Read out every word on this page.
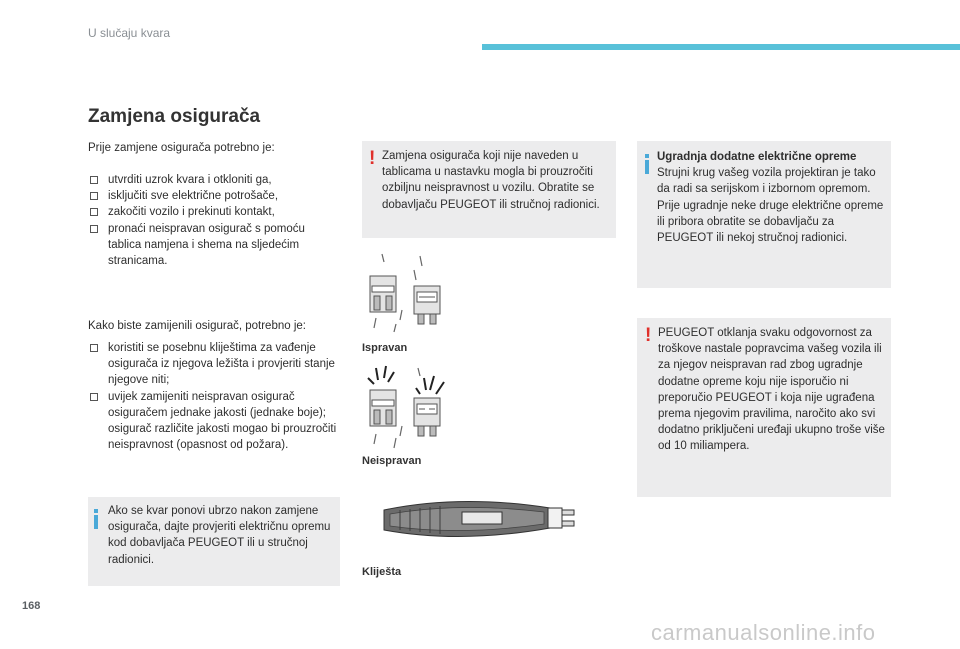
U slučaju kvara
Zamjena osigurača
Prije zamjene osigurača potrebno je:
utvrditi uzrok kvara i otkloniti ga,
isključiti sve električne potrošače,
zakočiti vozilo i prekinuti kontakt,
pronaći neispravan osigurač s pomoću tablica namjena i shema na sljedećim stranicama.
Kako biste zamijenili osigurač, potrebno je:
koristiti se posebnu kliještima za vađenje osigurača iz njegova ležišta i provjeriti stanje njegove niti;
uvijek zamijeniti neispravan osigurač osiguračem jednake jakosti (jednake boje); osigurač različite jakosti mogao bi prouzročiti neispravnost (opasnost od požara).
Ako se kvar ponovi ubrzo nakon zamjene osigurača, dajte provjeriti električnu opremu kod dobavljača PEUGEOT ili u stručnoj radionici.
! Zamjena osigurača koji nije naveden u tablicama u nastavku mogla bi prouzročiti ozbiljnu neispravnost u vozilu. Obratite se dobavljaču PEUGEOT ili stručnoj radionici.
Ispravan
Neispravan
Kliješta
Ugradnja dodatne električne opreme
Strujni krug vašeg vozila projektiran je tako da radi sa serijskom i izbornom opremom.
Prije ugradnje neke druge električne opreme ili pribora obratite se dobavljaču za PEUGEOT ili nekoj stručnoj radionici.
! PEUGEOT otklanja svaku odgovornost za troškove nastale popravcima vašeg vozila ili za njegov neispravan rad zbog ugradnje dodatne opreme koju nije isporučio ni preporučio PEUGEOT i koja nije ugrađena prema njegovim pravilima, naročito ako svi dodatno priključeni uređaji ukupno troše više od 10 miliampera.
168
carmanualsonline.info
